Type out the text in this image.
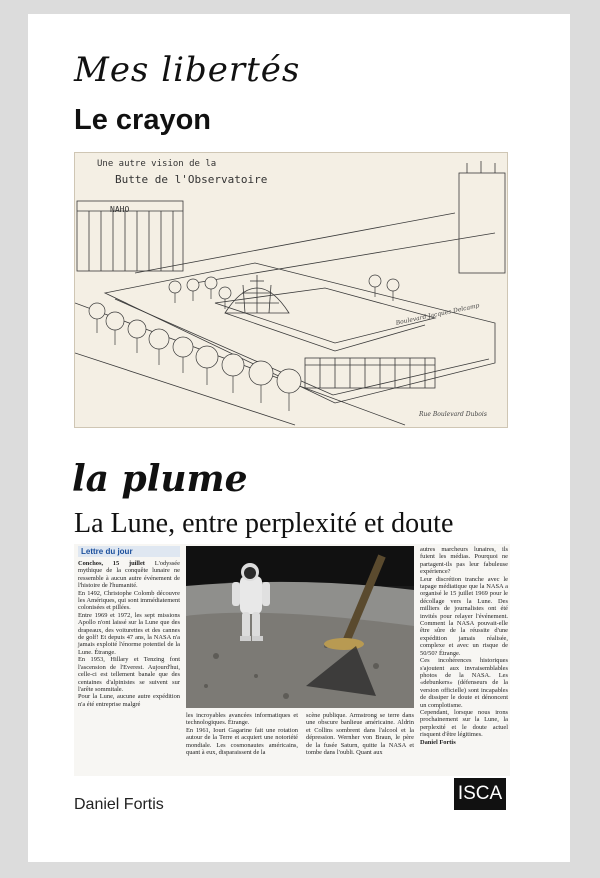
Mes libertés
Le crayon
Une autre vision de la
Butte de l'Observatoire
NAHO
Boulevard Jacques Delcamp
Rue Boulevard Dubois
la plume
La Lune, entre perplexité et doute
Lettre du jour
Conchos, 15 juillet L'odyssée mythique de la conquête lunaire ne ressemble à aucun autre événement de l'histoire de l'humanité.
En 1492, Christophe Colomb découvre les Amériques, qui sont immédiatement colonisées et pillées.
Entre 1969 et 1972, les sept missions Apollo n'ont laissé sur la Lune que des drapeaux, des voiturettes et des cannes de golf! Et depuis 47 ans, la NASA n'a jamais exploité l'énorme potentiel de la Lune. Étrange.
En 1953, Hillary et Tenzing font l'ascension de l'Everest. Aujourd'hui, celle-ci est tellement banale que des centaines d'alpinistes se suivent sur l'arête sommitale.
Pour la Lune, aucune autre expédition n'a été entreprise malgré
les incroyables avancées informatiques et technologiques. Étrange.
En 1961, Iouri Gagarine fait une rotation autour de la Terre et acquiert une notoriété mondiale. Les cosmonautes américains, quant à eux, disparaissent de la
scène publique. Armstrong se terre dans une obscure banlieue américaine. Aldrin et Collins sombrent dans l'alcool et la dépression. Wernher von Braun, le père de la fusée Saturn, quitte la NASA et tombe dans l'oubli. Quant aux
autres marcheurs lunaires, ils fuient les médias. Pourquoi ne partagent-ils pas leur fabuleuse expérience?
Leur discrétion tranche avec le tapage médiatique que la NASA a organisé le 15 juillet 1969 pour le décollage vers la Lune. Des milliers de journalistes ont été invités pour relayer l'événement. Comment la NASA pouvait-elle être sûre de la réussite d'une expédition jamais réalisée, complexe et avec un risque de 50/50? Étrange.
Ces incohérences historiques s'ajoutent aux invraisemblables photos de la NASA. Les «debunkers» (défenseurs de la version officielle) sont incapables de dissiper le doute et dénoncent un complotisme.
Cependant, lorsque nous irons prochainement sur la Lune, la perplexité et le doute actuel risquent d'être légitimes.
Daniel Fortis
Daniel Fortis
ISCA
